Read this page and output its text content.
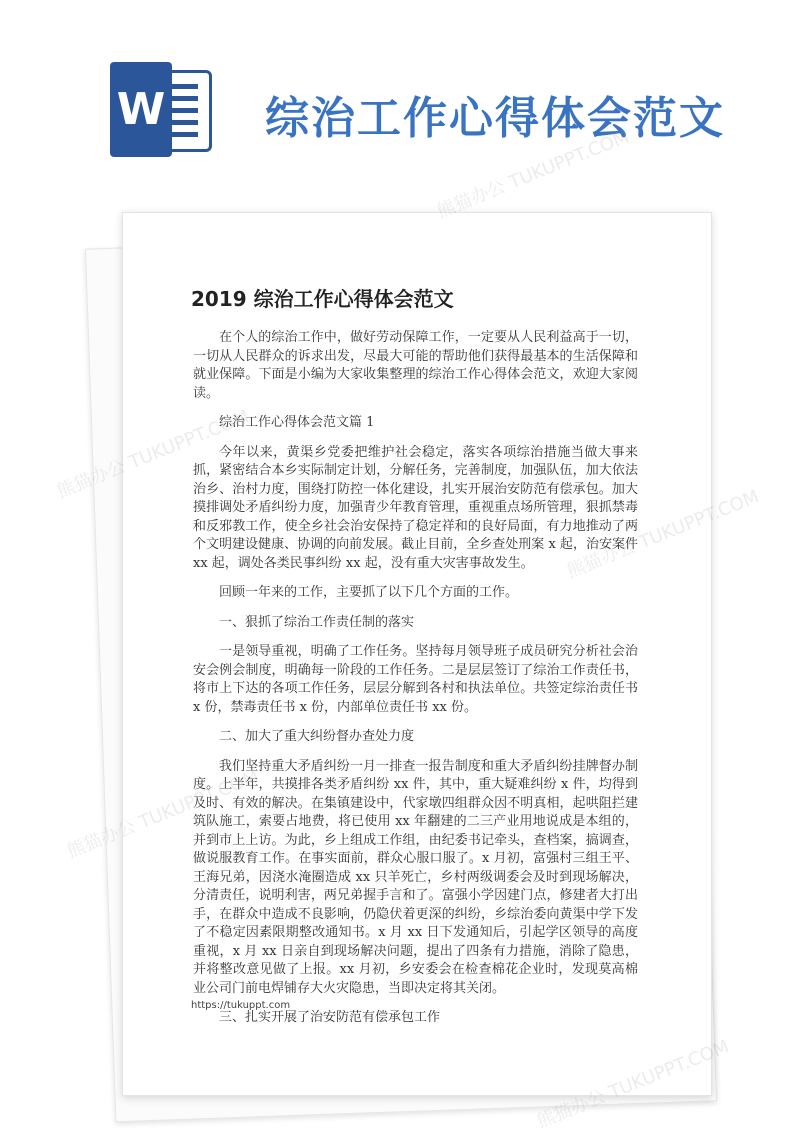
W 综治工作心得体会范文
2019 综治工作心得体会范文

在个人的综治工作中，做好劳动保障工作，一定要从人民利益高于一切，一切从人民群众的诉求出发，尽最大可能的帮助他们获得最基本的生活保障和就业保障。下面是小编为大家收集整理的综治工作心得体会范文，欢迎大家阅读。

综治工作心得体会范文篇 1

今年以来，黄渠乡党委把维护社会稳定，落实各项综治措施当做大事来抓，紧密结合本乡实际制定计划，分解任务，完善制度，加强队伍，加大依法治乡、治村力度，围绕打防控一体化建设，扎实开展治安防范有偿承包。加大摸排调处矛盾纠纷力度，加强青少年教育管理，重视重点场所管理，狠抓禁毒和反邪教工作，使全乡社会治安保持了稳定祥和的良好局面，有力地推动了两个文明建设健康、协调的向前发展。截止目前，全乡查处刑案 x 起，治安案件 xx 起，调处各类民事纠纷 xx 起，没有重大灾害事故发生。

回顾一年来的工作，主要抓了以下几个方面的工作。

一、狠抓了综治工作责任制的落实

一是领导重视，明确了工作任务。坚持每月领导班子成员研究分析社会治安会例会制度，明确每一阶段的工作任务。二是层层签订了综治工作责任书，将市上下达的各项工作任务，层层分解到各村和执法单位。共签定综治责任书 x 份，禁毒责任书 x 份，内部单位责任书 xx 份。

二、加大了重大纠纷督办查处力度

我们坚持重大矛盾纠纷一月一排查一报告制度和重大矛盾纠纷挂牌督办制度。上半年，共摸排各类矛盾纠纷 xx 件，其中，重大疑难纠纷 x 件，均得到及时、有效的解决。在集镇建设中，代家墩四组群众因不明真相，起哄阻拦建筑队施工，索要占地费，将已使用 xx 年翻建的二三产业用地说成是本组的，并到市上上访。为此，乡上组成工作组，由纪委书记牵头，查档案，搞调查，做说服教育工作。在事实面前，群众心服口服了。x 月初，富强村三组王平、王海兄弟，因浇水淹圈造成 xx 只羊死亡，乡村两级调委会及时到现场解决，分清责任，说明利害，两兄弟握手言和了。富强小学因建门点，修建者大打出手，在群众中造成不良影响，仍隐伏着更深的纠纷，乡综治委向黄渠中学下发了不稳定因素限期整改通知书。x 月 xx 日下发通知后，引起学区领导的高度重视，x 月 xx 日亲自到现场解决问题，提出了四条有力措施，消除了隐患，并将整改意见做了上报。xx 月初，乡安委会在检查棉花企业时，发现莫高棉业公司门前电焊铺存大火灾隐患，当即决定将其关闭。

三、扎实开展了治安防范有偿承包工作

https://tukuppt.com
熊猫办公 TUKUPPT.COM
熊猫办公
熊猫办公
熊猫办公
